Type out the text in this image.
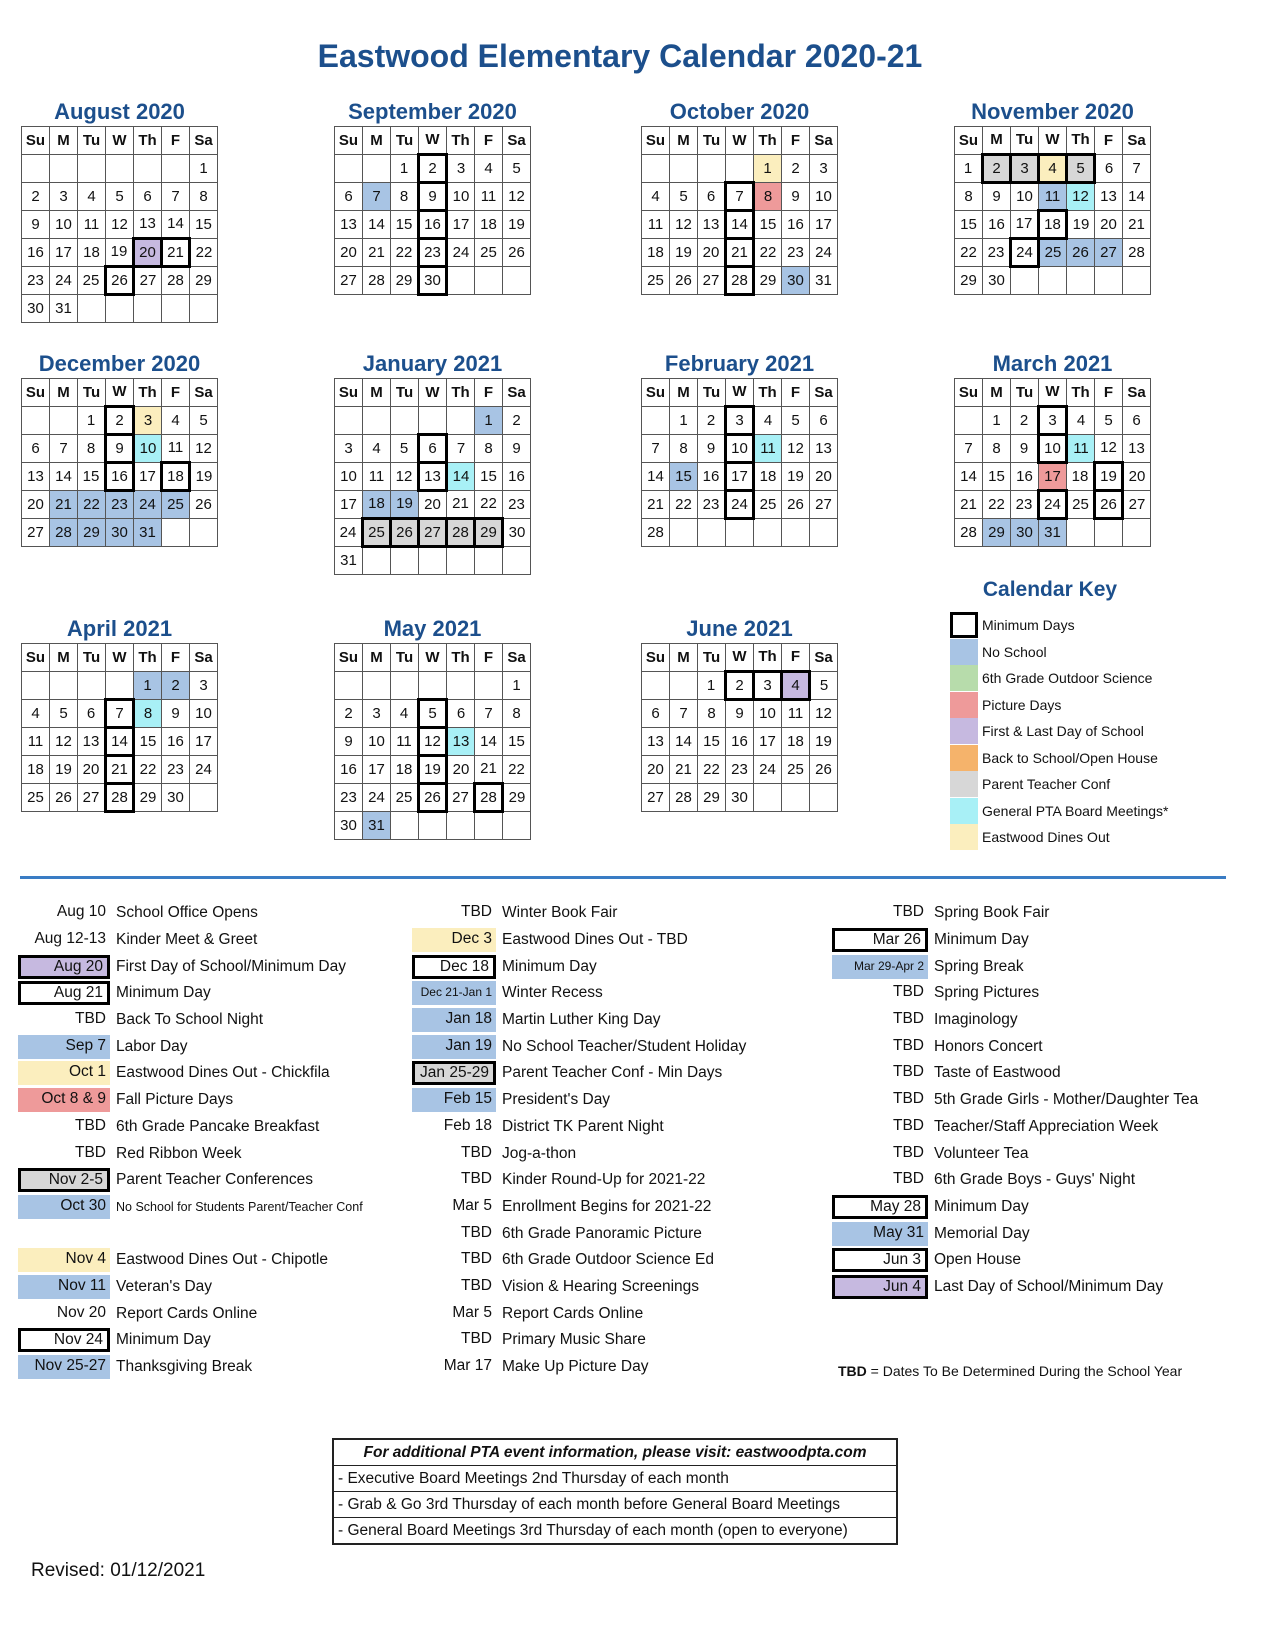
Eastwood Elementary Calendar 2020-21
August 2020
Su	M	Tu	W	Th	F	Sa
						1
2	3	4	5	6	7	8
9	10	11	12	13	14	15
16	17	18	19	20	21	22
23	24	25	26	27	28	29
30	31					
September 2020
Su	M	Tu	W	Th	F	Sa
		1	2	3	4	5
6	7	8	9	10	11	12
13	14	15	16	17	18	19
20	21	22	23	24	25	26
27	28	29	30			
October 2020
Su	M	Tu	W	Th	F	Sa
				1	2	3
4	5	6	7	8	9	10
11	12	13	14	15	16	17
18	19	20	21	22	23	24
25	26	27	28	29	30	31
November 2020
Su	M	Tu	W	Th	F	Sa
1	2	3	4	5	6	7
8	9	10	11	12	13	14
15	16	17	18	19	20	21
22	23	24	25	26	27	28
29	30					
December 2020
Su	M	Tu	W	Th	F	Sa
		1	2	3	4	5
6	7	8	9	10	11	12
13	14	15	16	17	18	19
20	21	22	23	24	25	26
27	28	29	30	31		
January 2021
Su	M	Tu	W	Th	F	Sa
					1	2
3	4	5	6	7	8	9
10	11	12	13	14	15	16
17	18	19	20	21	22	23
24	25	26	27	28	29	30
31						
February 2021
Su	M	Tu	W	Th	F	Sa
	1	2	3	4	5	6
7	8	9	10	11	12	13
14	15	16	17	18	19	20
21	22	23	24	25	26	27
28						
March 2021
Su	M	Tu	W	Th	F	Sa
	1	2	3	4	5	6
7	8	9	10	11	12	13
14	15	16	17	18	19	20
21	22	23	24	25	26	27
28	29	30	31			
April 2021
Su	M	Tu	W	Th	F	Sa
				1	2	3
4	5	6	7	8	9	10
11	12	13	14	15	16	17
18	19	20	21	22	23	24
25	26	27	28	29	30	
May 2021
Su	M	Tu	W	Th	F	Sa
						1
2	3	4	5	6	7	8
9	10	11	12	13	14	15
16	17	18	19	20	21	22
23	24	25	26	27	28	29
30	31					
June 2021
Su	M	Tu	W	Th	F	Sa
		1	2	3	4	5
6	7	8	9	10	11	12
13	14	15	16	17	18	19
20	21	22	23	24	25	26
27	28	29	30			
Calendar Key
Minimum Days
No School
6th Grade Outdoor Science
Picture Days
First & Last Day of School
Back to School/Open House
Parent Teacher Conf
General PTA Board Meetings*
Eastwood Dines Out
Aug 10 School Office Opens
Aug 12-13 Kinder Meet & Greet
Aug 20 First Day of School/Minimum Day
Aug 21 Minimum Day
TBD Back To School Night
Sep 7 Labor Day
Oct 1 Eastwood Dines Out - Chickfila
Oct 8 & 9 Fall Picture Days
TBD 6th Grade Pancake Breakfast
TBD Red Ribbon Week
Nov 2-5 Parent Teacher Conferences
Oct 30 No School for Students Parent/Teacher Conf
Nov 4 Eastwood Dines Out - Chipotle
Nov 11 Veteran's Day
Nov 20 Report Cards Online
Nov 24 Minimum Day
Nov 25-27 Thanksgiving Break
TBD Winter Book Fair
Dec 3 Eastwood Dines Out - TBD
Dec 18 Minimum Day
Dec 21-Jan 1 Winter Recess
Jan 18 Martin Luther King Day
Jan 19 No School Teacher/Student Holiday
Jan 25-29 Parent Teacher Conf - Min Days
Feb 15 President's Day
Feb 18 District TK Parent Night
TBD Jog-a-thon
TBD Kinder Round-Up for 2021-22
Mar 5 Enrollment Begins for 2021-22
TBD 6th Grade Panoramic Picture
TBD 6th Grade Outdoor Science Ed
TBD Vision & Hearing Screenings
Mar 5 Report Cards Online
TBD Primary Music Share
Mar 17 Make Up Picture Day
TBD Spring Book Fair
Mar 26 Minimum Day
Mar 29-Apr 2 Spring Break
TBD Spring Pictures
TBD Imaginology
TBD Honors Concert
TBD Taste of Eastwood
TBD 5th Grade Girls - Mother/Daughter Tea
TBD Teacher/Staff Appreciation Week
TBD Volunteer Tea
TBD 6th Grade Boys - Guys' Night
May 28 Minimum Day
May 31 Memorial Day
Jun 3 Open House
Jun 4 Last Day of School/Minimum Day
TBD = Dates To Be Determined During the School Year
For additional PTA event information, please visit: eastwoodpta.com
- Executive Board Meetings 2nd Thursday of each month
- Grab & Go 3rd Thursday of each month before General Board Meetings
- General Board Meetings 3rd Thursday of each month (open to everyone)
Revised: 01/12/2021
